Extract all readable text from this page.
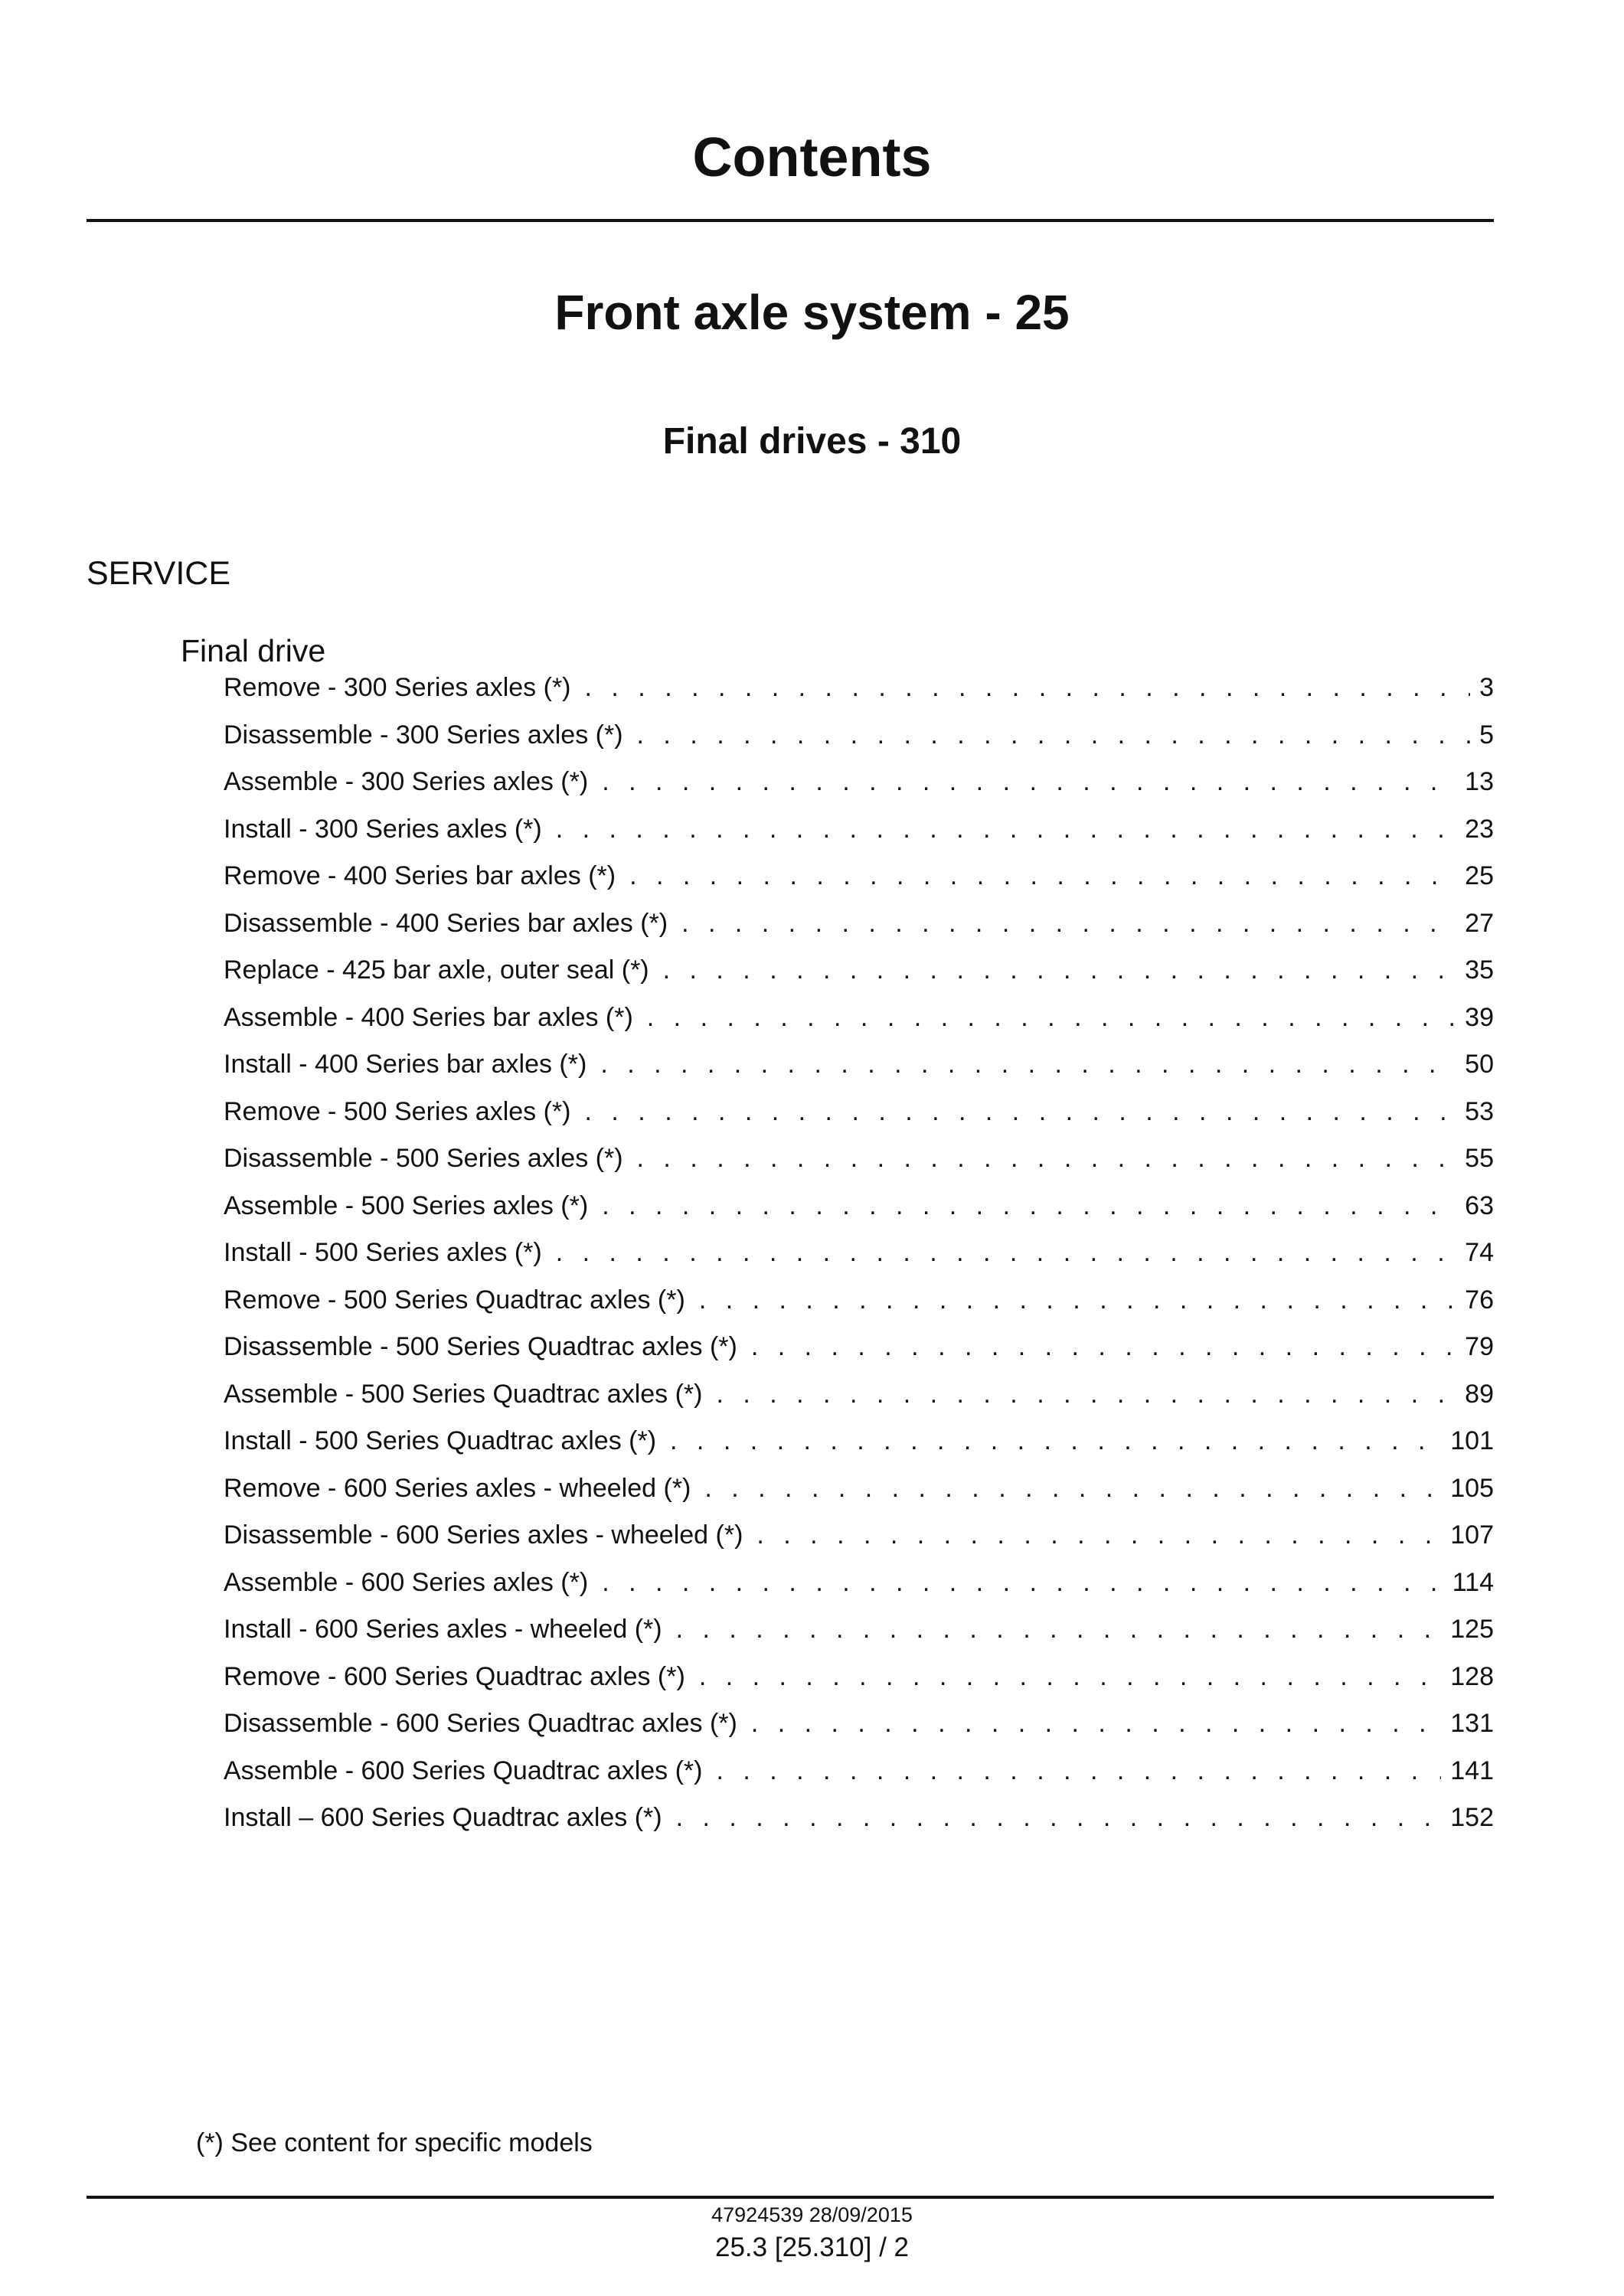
Contents
Front axle system - 25
Final drives - 310
SERVICE
Final drive
Remove - 300 Series axles (*) . . .	3
Disassemble - 300 Series axles (*) . . .	5
Assemble - 300 Series axles (*) . . .	13
Install - 300 Series axles (*) . . .	23
Remove - 400 Series bar axles (*) . . .	25
Disassemble - 400 Series bar axles (*) . . .	27
Replace - 425 bar axle, outer seal (*) . . .	35
Assemble - 400 Series bar axles (*) . . .	39
Install - 400 Series bar axles (*) . . .	50
Remove - 500 Series axles (*) . . .	53
Disassemble - 500 Series axles (*) . . .	55
Assemble - 500 Series axles (*) . . .	63
Install - 500 Series axles (*) . . .	74
Remove - 500 Series Quadtrac axles (*) . . .	76
Disassemble - 500 Series Quadtrac axles (*) . . .	79
Assemble - 500 Series Quadtrac axles (*) . . .	89
Install - 500 Series Quadtrac axles (*) . . .	101
Remove - 600 Series axles - wheeled (*) . . .	105
Disassemble - 600 Series axles - wheeled (*) . . .	107
Assemble - 600 Series axles (*) . . .	114
Install - 600 Series axles - wheeled (*) . . .	125
Remove - 600 Series Quadtrac axles (*) . . .	128
Disassemble - 600 Series Quadtrac axles (*) . . .	131
Assemble - 600 Series Quadtrac axles (*) . . .	141
Install – 600 Series Quadtrac axles (*) . . .	152
(*) See content for specific models
47924539 28/09/2015
25.3 [25.310] / 2
